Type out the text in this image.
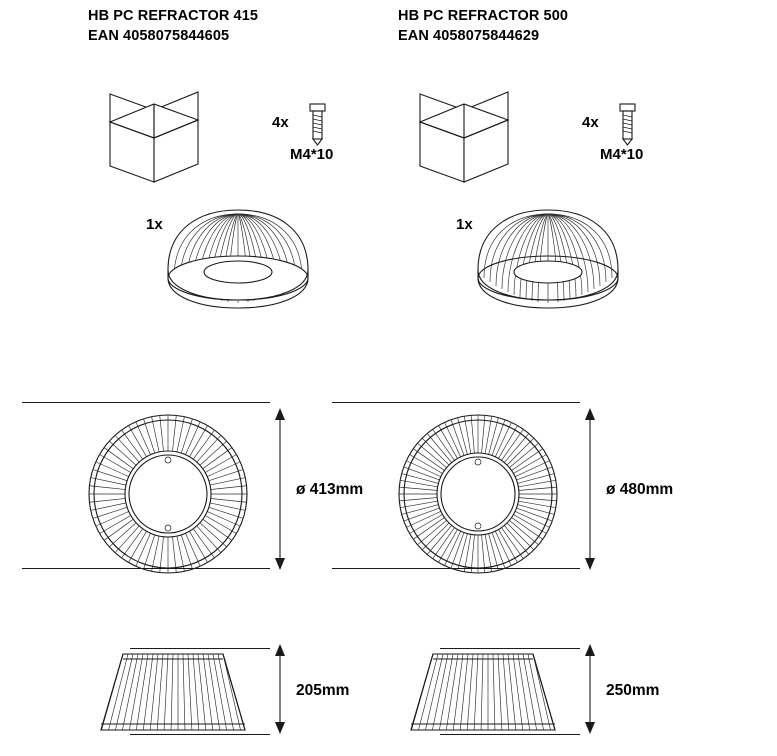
HB PC REFRACTOR 415
EAN 4058075844605
4x
M4*10
1x
ø 413mm
205mm
HB PC REFRACTOR 500
EAN 4058075844629
4x
M4*10
1x
ø 480mm
250mm
